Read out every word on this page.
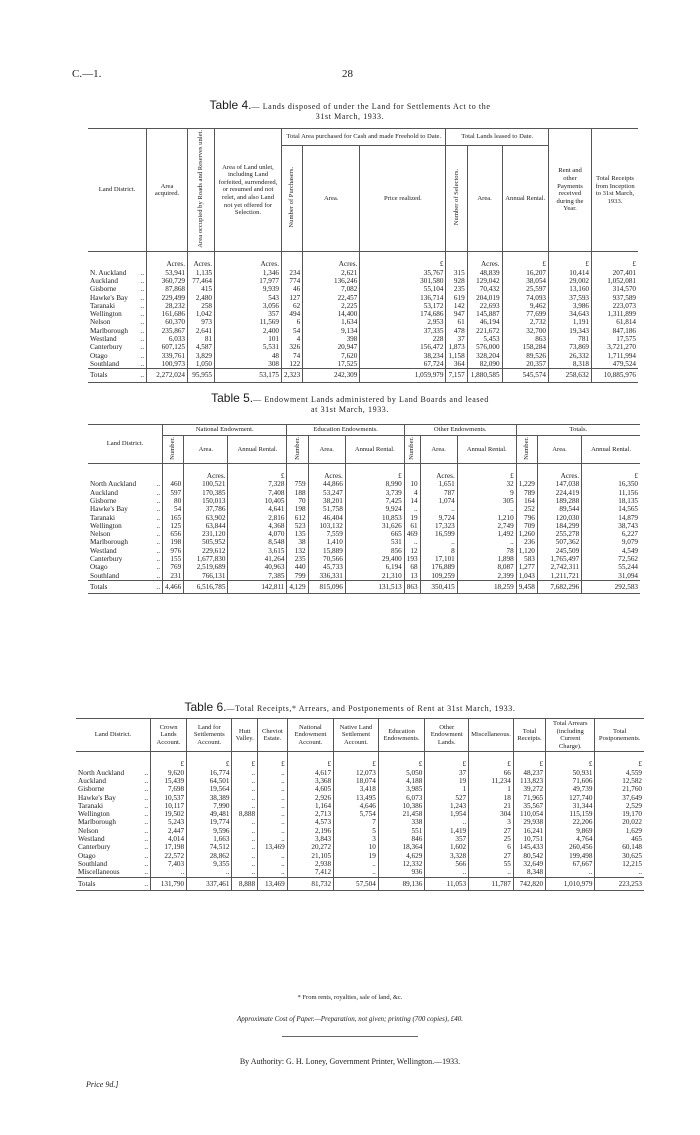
C.—1.	28
Table 4.— Lands disposed of under the Land for Settlements Act to the
31st March, 1933.
Land District.	Area acquired.	Area occupied by Roads and Reserves unlet.	Area of Land unlet, including Land forfeited, surrendered, or resumed and not relet, and also Land not yet offered for Selection.	Total Area purchased for Cash and made Freehold to Date.			Total Lands leased to Date.			Rent and other Payments received during the Year.	Total Receipts from Inception to 31st March, 1933.
				Number of Purchasers.	Area.	Price realized.	Number of Selectors.	Area.	Annual Rental.		

	Acres.	Acres.	Acres.		Acres.	£		Acres.	£	£	£
N. Auckland ..	53,941	1,135	1,346	234	2,621	35,767	315	48,839	16,207	10,414	207,401
Auckland ..	360,729	77,464	17,977	774	136,246	301,580	928	129,042	38,054	29,002	1,052,081
Gisborne ..	87,868	415	9,939	46	7,082	55,104	235	70,432	25,597	13,160	314,570
Hawke's Bay ..	229,499	2,480	543	127	22,457	136,714	619	204,019	74,093	37,593	937,589
Taranaki ..	28,232	258	3,056	62	2,225	53,172	142	22,693	9,462	3,986	223,073
Wellington ..	161,686	1,042	357	494	14,400	174,686	947	145,887	77,699	34,643	1,311,899
Nelson ..	60,370	973	11,569	6	1,634	2,953	61	46,194	2,732	1,191	61,814
Marlborough ..	235,867	2,641	2,400	54	9,134	37,335	478	221,672	32,700	19,343	847,186
Westland ..	6,033	81	101	4	398	228	37	5,453	863	781	17,575
Canterbury ..	607,125	4,587	5,531	326	20,947	156,472	1,873	576,000	158,284	73,869	3,721,270
Otago ..	339,761	3,829	48	74	7,620	38,234	1,158	328,204	89,526	26,332	1,711,994
Southland ..	100,973	1,050	308	122	17,525	67,724	364	82,090	20,357	8,318	479,524
Totals ..	2,272,024	95,955	53,175	2,323	242,309	1,059,979	7,157	1,880,585	545,574	258,632	10,885,976
Table 5.— Endowment Lands administered by Land Boards and leased
at 31st March, 1933.
Land District.	National Endowment.			Education Endowments.			Other Endowments.			Totals.		
	Number.	Area.	Annual Rental.	Number.	Area.	Annual Rental.	Number.	Area.	Annual Rental.	Number.	Area.	Annual Rental.

		Acres.	£		Acres.	£		Acres.	£		Acres.	£
North Auckland ..	460	100,521	7,328	759	44,866	8,990	10	1,651	32	1,229	147,038	16,350
Auckland ..	597	170,385	7,408	188	53,247	3,739	4	787	9	789	224,419	11,156
Gisborne ..	80	150,013	10,405	70	38,201	7,425	14	1,074	305	164	189,288	18,135
Hawke's Bay ..	54	37,786	4,641	198	51,758	9,924	..	..	..	252	89,544	14,565
Taranaki ..	165	63,902	2,816	612	46,404	10,853	19	9,724	1,210	796	120,030	14,879
Wellington ..	125	63,844	4,368	523	103,132	31,626	61	17,323	2,749	709	184,299	38,743
Nelson ..	656	231,120	4,070	135	7,559	665	469	16,599	1,492	1,260	255,278	6,227
Marlborough ..	198	505,952	8,548	38	1,410	531	..	..	..	236	507,362	9,079
Westland ..	976	229,612	3,615	132	15,889	856	12	8	78	1,120	245,509	4,549
Canterbury ..	155	1,677,830	41,264	235	70,566	29,400	193	17,101	1,898	583	1,765,497	72,562
Otago ..	769	2,519,689	40,963	440	45,733	6,194	68	176,889	8,087	1,277	2,742,311	55,244
Southland ..	231	766,131	7,385	799	336,331	21,310	13	109,259	2,399	1,043	1,211,721	31,094
Totals ..	4,466	6,516,785	142,811	4,129	815,096	131,513	863	350,415	18,259	9,458	7,682,296	292,583
Table 6.—Total Receipts,* Arrears, and Postponements of Rent at 31st March, 1933.
Land District.	Crown Lands Account.	Land for Settlements Account.	Hutt Valley.	Cheviot Estate.	National Endowment Account.	Native Land Settlement Account.	Education Endowments.	Other Endowment Lands.	Miscellaneous.	Total Receipts.	Total Arrears (including Current Charge).	Total Postponements.

	£	£	£	£	£	£	£	£	£	£	£	£
North Auckland ..	9,620	16,774	..	..	4,617	12,073	5,050	37	66	48,237	50,931	4,559
Auckland ..	15,439	64,501	..	..	3,368	18,074	4,188	19	11,234	113,823	71,606	12,582
Gisborne ..	7,698	19,564	..	..	4,605	3,418	3,985	1	1	39,272	49,739	21,760
Hawke's Bay ..	10,537	38,389	..	..	2,926	13,495	6,073	527	18	71,965	127,740	37,649
Taranaki ..	10,117	7,990	..	..	1,164	4,646	10,386	1,243	21	35,567	31,344	2,529
Wellington ..	19,502	49,481	8,888	..	2,713	5,754	21,458	1,954	304	110,054	115,159	19,170
Marlborough ..	5,243	19,774	..	..	4,573	7	338	..	3	29,938	22,206	20,022
Nelson ..	2,447	9,596	..	..	2,196	5	551	1,419	27	16,241	9,869	1,629
Westland ..	4,014	1,663	..	..	3,843	3	846	357	25	10,751	4,764	465
Canterbury ..	17,198	74,512	..	13,469	20,272	10	18,364	1,602	6	145,433	260,456	60,148
Otago ..	22,572	28,862	..	..	21,105	19	4,629	3,328	27	80,542	199,498	30,625
Southland ..	7,403	9,355	..	..	2,938	..	12,332	566	55	32,649	67,667	12,215
Miscellaneous ..	..	..	..	..	7,412	..	936	..	..	8,348	..	..
Totals ..	131,790	337,461	8,888	13,469	81,732	57,504	89,136	11,053	11,787	742,820	1,010,979	223,253
* From rents, royalties, sale of land, &c.
Approximate Cost of Paper.—Preparation, not given; printing (700 copies), £40.
By Authority: G. H. Loney, Government Printer, Wellington.—1933.
Price 9d.]
